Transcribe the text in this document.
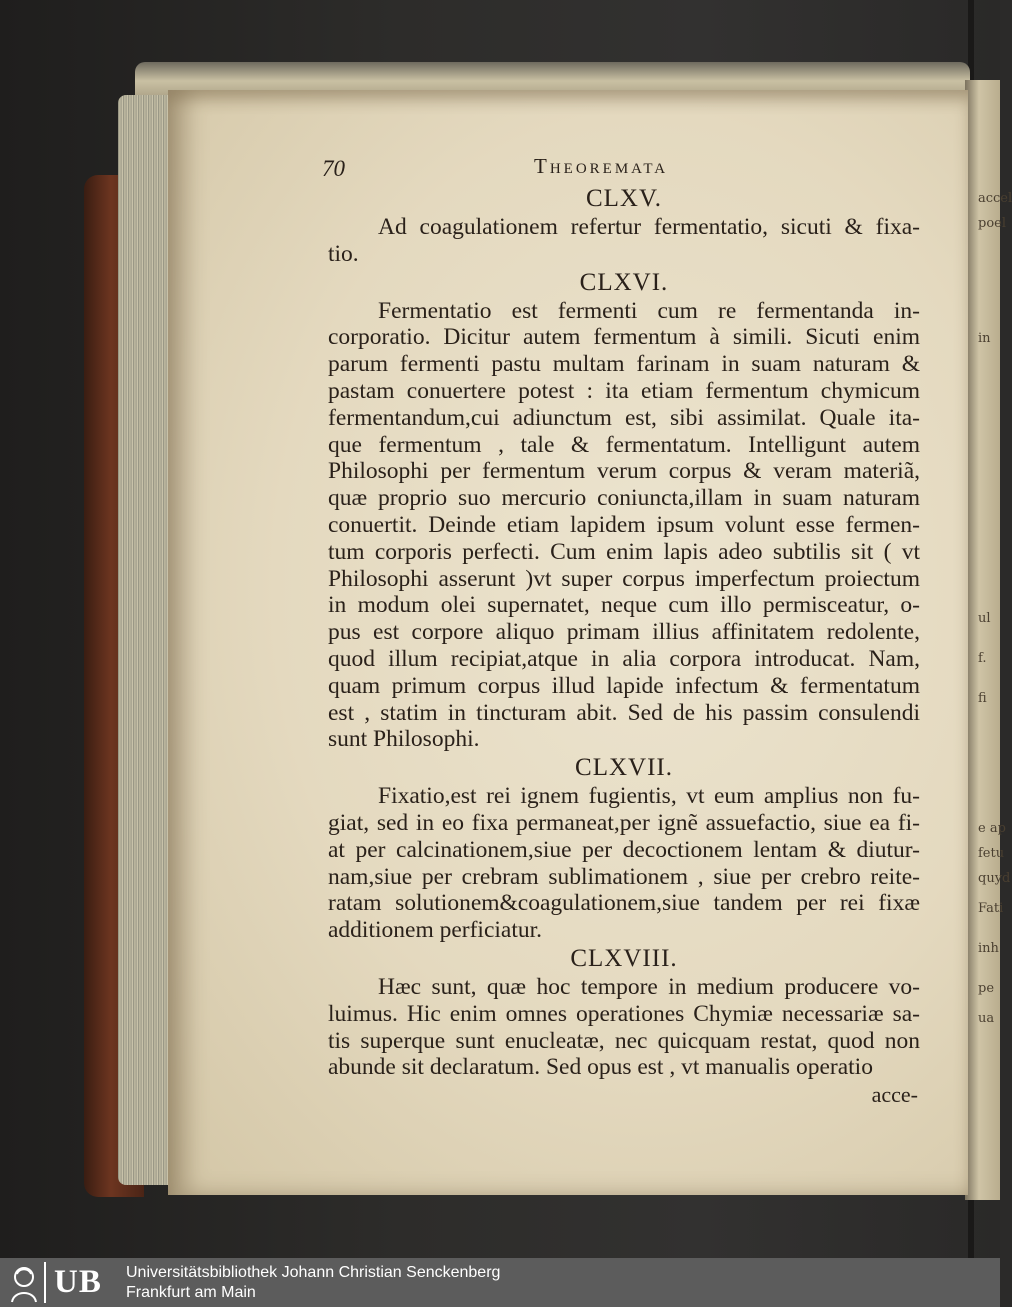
accel
poel
in
ul
f.
fi
e ap
fetu
quyd
Fati
inh
pe
ua
70	Theoremata
CLXV.
Ad coagulationem refertur fermentatio, sicuti & fixa-
tio.
CLXVI.
Fermentatio est fermenti cum re fermentanda in-
corporatio. Dicitur autem fermentum à simili. Sicuti enim
parum fermenti pastu multam farinam in suam naturam &
pastam conuertere potest : ita etiam fermentum chymicum
fermentandum,cui adiunctum est, sibi assimilat. Quale ita-
que fermentum , tale & fermentatum. Intelligunt autem
Philosophi per fermentum verum corpus & veram materiã,
quæ proprio suo mercurio coniuncta,illam in suam naturam
conuertit. Deinde etiam lapidem ipsum volunt esse fermen-
tum corporis perfecti. Cum enim lapis adeo subtilis sit ( vt
Philosophi asserunt )vt super corpus imperfectum proiectum
in modum olei supernatet, neque cum illo permisceatur, o-
pus est corpore aliquo primam illius affinitatem redolente,
quod illum recipiat,atque in alia corpora introducat. Nam,
quam primum corpus illud lapide infectum & fermentatum
est , statim in tincturam abit. Sed de his passim consulendi
sunt Philosophi.
CLXVII.
Fixatio,est rei ignem fugientis, vt eum amplius non fu-
giat, sed in eo fixa permaneat,per ignẽ assuefactio, siue ea fi-
at per calcinationem,siue per decoctionem lentam & diutur-
nam,siue per crebram sublimationem , siue per crebro reite-
ratam solutionem&coagulationem,siue tandem per rei fixæ
additionem perficiatur.
CLXVIII.
Hæc sunt, quæ hoc tempore in medium producere vo-
luimus. Hic enim omnes operationes Chymiæ necessariæ sa-
tis superque sunt enucleatæ, nec quicquam restat, quod non
abunde sit declaratum. Sed opus est , vt manualis operatio
acce-
UB Universitätsbibliothek Johann Christian Senckenberg
Frankfurt am Main
